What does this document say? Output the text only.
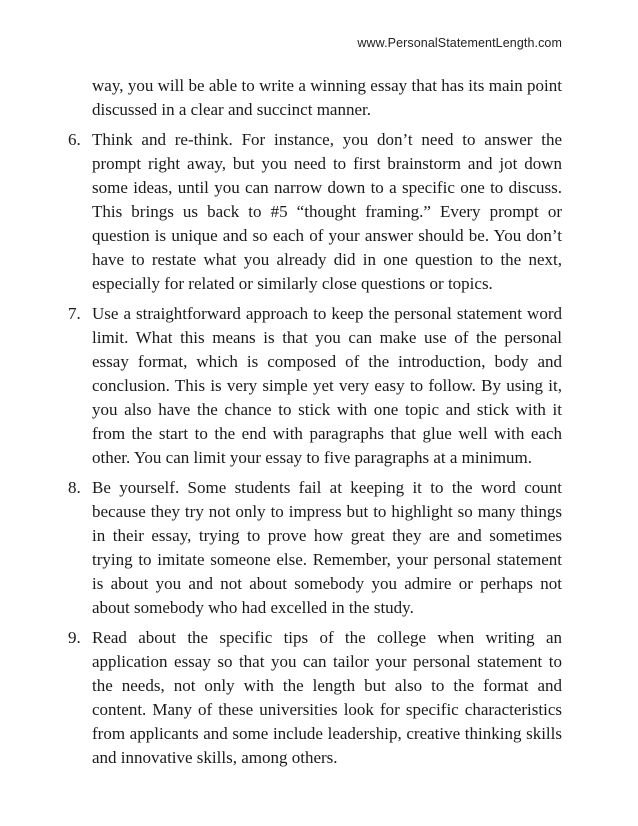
www.PersonalStatementLength.com

way, you will be able to write a winning essay that has its main point discussed in a clear and succinct manner.

6. Think and re-think. For instance, you don’t need to answer the prompt right away, but you need to first brainstorm and jot down some ideas, until you can narrow down to a specific one to discuss. This brings us back to #5 “thought framing.” Every prompt or question is unique and so each of your answer should be. You don’t have to restate what you already did in one question to the next, especially for related or similarly close questions or topics.
7. Use a straightforward approach to keep the personal statement word limit. What this means is that you can make use of the personal essay format, which is composed of the introduction, body and conclusion. This is very simple yet very easy to follow. By using it, you also have the chance to stick with one topic and stick with it from the start to the end with paragraphs that glue well with each other. You can limit your essay to five paragraphs at a minimum.
8. Be yourself. Some students fail at keeping it to the word count because they try not only to impress but to highlight so many things in their essay, trying to prove how great they are and sometimes trying to imitate someone else. Remember, your personal statement is about you and not about somebody you admire or perhaps not about somebody who had excelled in the study.
9. Read about the specific tips of the college when writing an application essay so that you can tailor your personal statement to the needs, not only with the length but also to the format and content. Many of these universities look for specific characteristics from applicants and some include leadership, creative thinking skills and innovative skills, among others.
